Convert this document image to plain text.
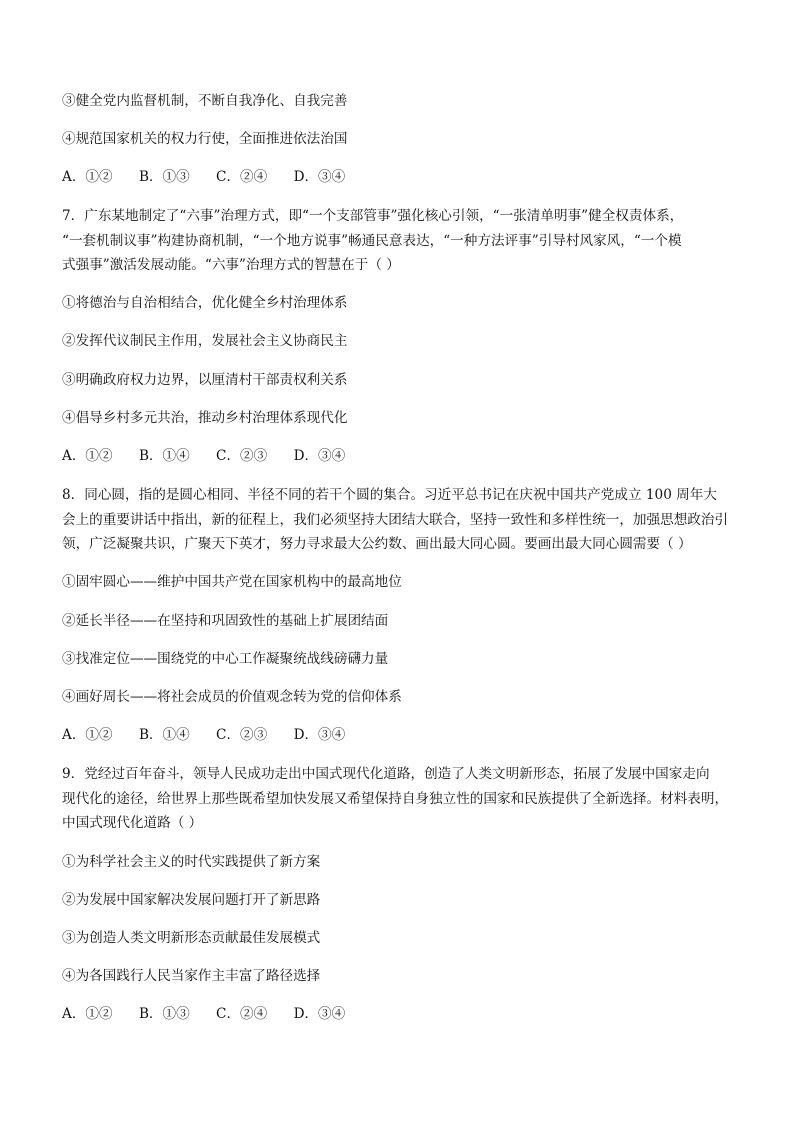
③健全党内监督机制，不断自我净化、自我完善
④规范国家机关的权力行使，全面推进依法治国
A．①② B．①③ C．②④ D．③④
7．广东某地制定了“六事”治理方式，即“一个支部管事”强化核心引领，“一张清单明事”健全权责体系，
“一套机制议事”构建协商机制，“一个地方说事”畅通民意表达，“一种方法评事”引导村风家风，“一个模
式强事”激活发展动能。“六事”治理方式的智慧在于（ ）
①将德治与自治相结合，优化健全乡村治理体系
②发挥代议制民主作用，发展社会主义协商民主
③明确政府权力边界，以厘清村干部责权利关系
④倡导乡村多元共治，推动乡村治理体系现代化
A．①② B．①④ C．②③ D．③④
8．同心圆，指的是圆心相同、半径不同的若干个圆的集合。习近平总书记在庆祝中国共产党成立 100 周年大
会上的重要讲话中指出，新的征程上，我们必须坚持大团结大联合，坚持一致性和多样性统一，加强思想政治引
领，广泛凝聚共识，广聚天下英才，努力寻求最大公约数、画出最大同心圆。要画出最大同心圆需要（ ）
①固牢圆心——维护中国共产党在国家机构中的最高地位
②延长半径——在坚持和巩固致性的基础上扩展团结面
③找准定位——围绕党的中心工作凝聚统战线磅礴力量
④画好周长——将社会成员的价值观念转为党的信仰体系
A．①② B．①④ C．②③ D．③④
9．党经过百年奋斗，领导人民成功走出中国式现代化道路，创造了人类文明新形态，拓展了发展中国家走向
现代化的途径，给世界上那些既希望加快发展又希望保持自身独立性的国家和民族提供了全新选择。材料表明，
中国式现代化道路（ ）
①为科学社会主义的时代实践提供了新方案
②为发展中国家解决发展问题打开了新思路
③为创造人类文明新形态贡献最佳发展模式
④为各国践行人民当家作主丰富了路径选择
A．①② B．①③ C．②④ D．③④
